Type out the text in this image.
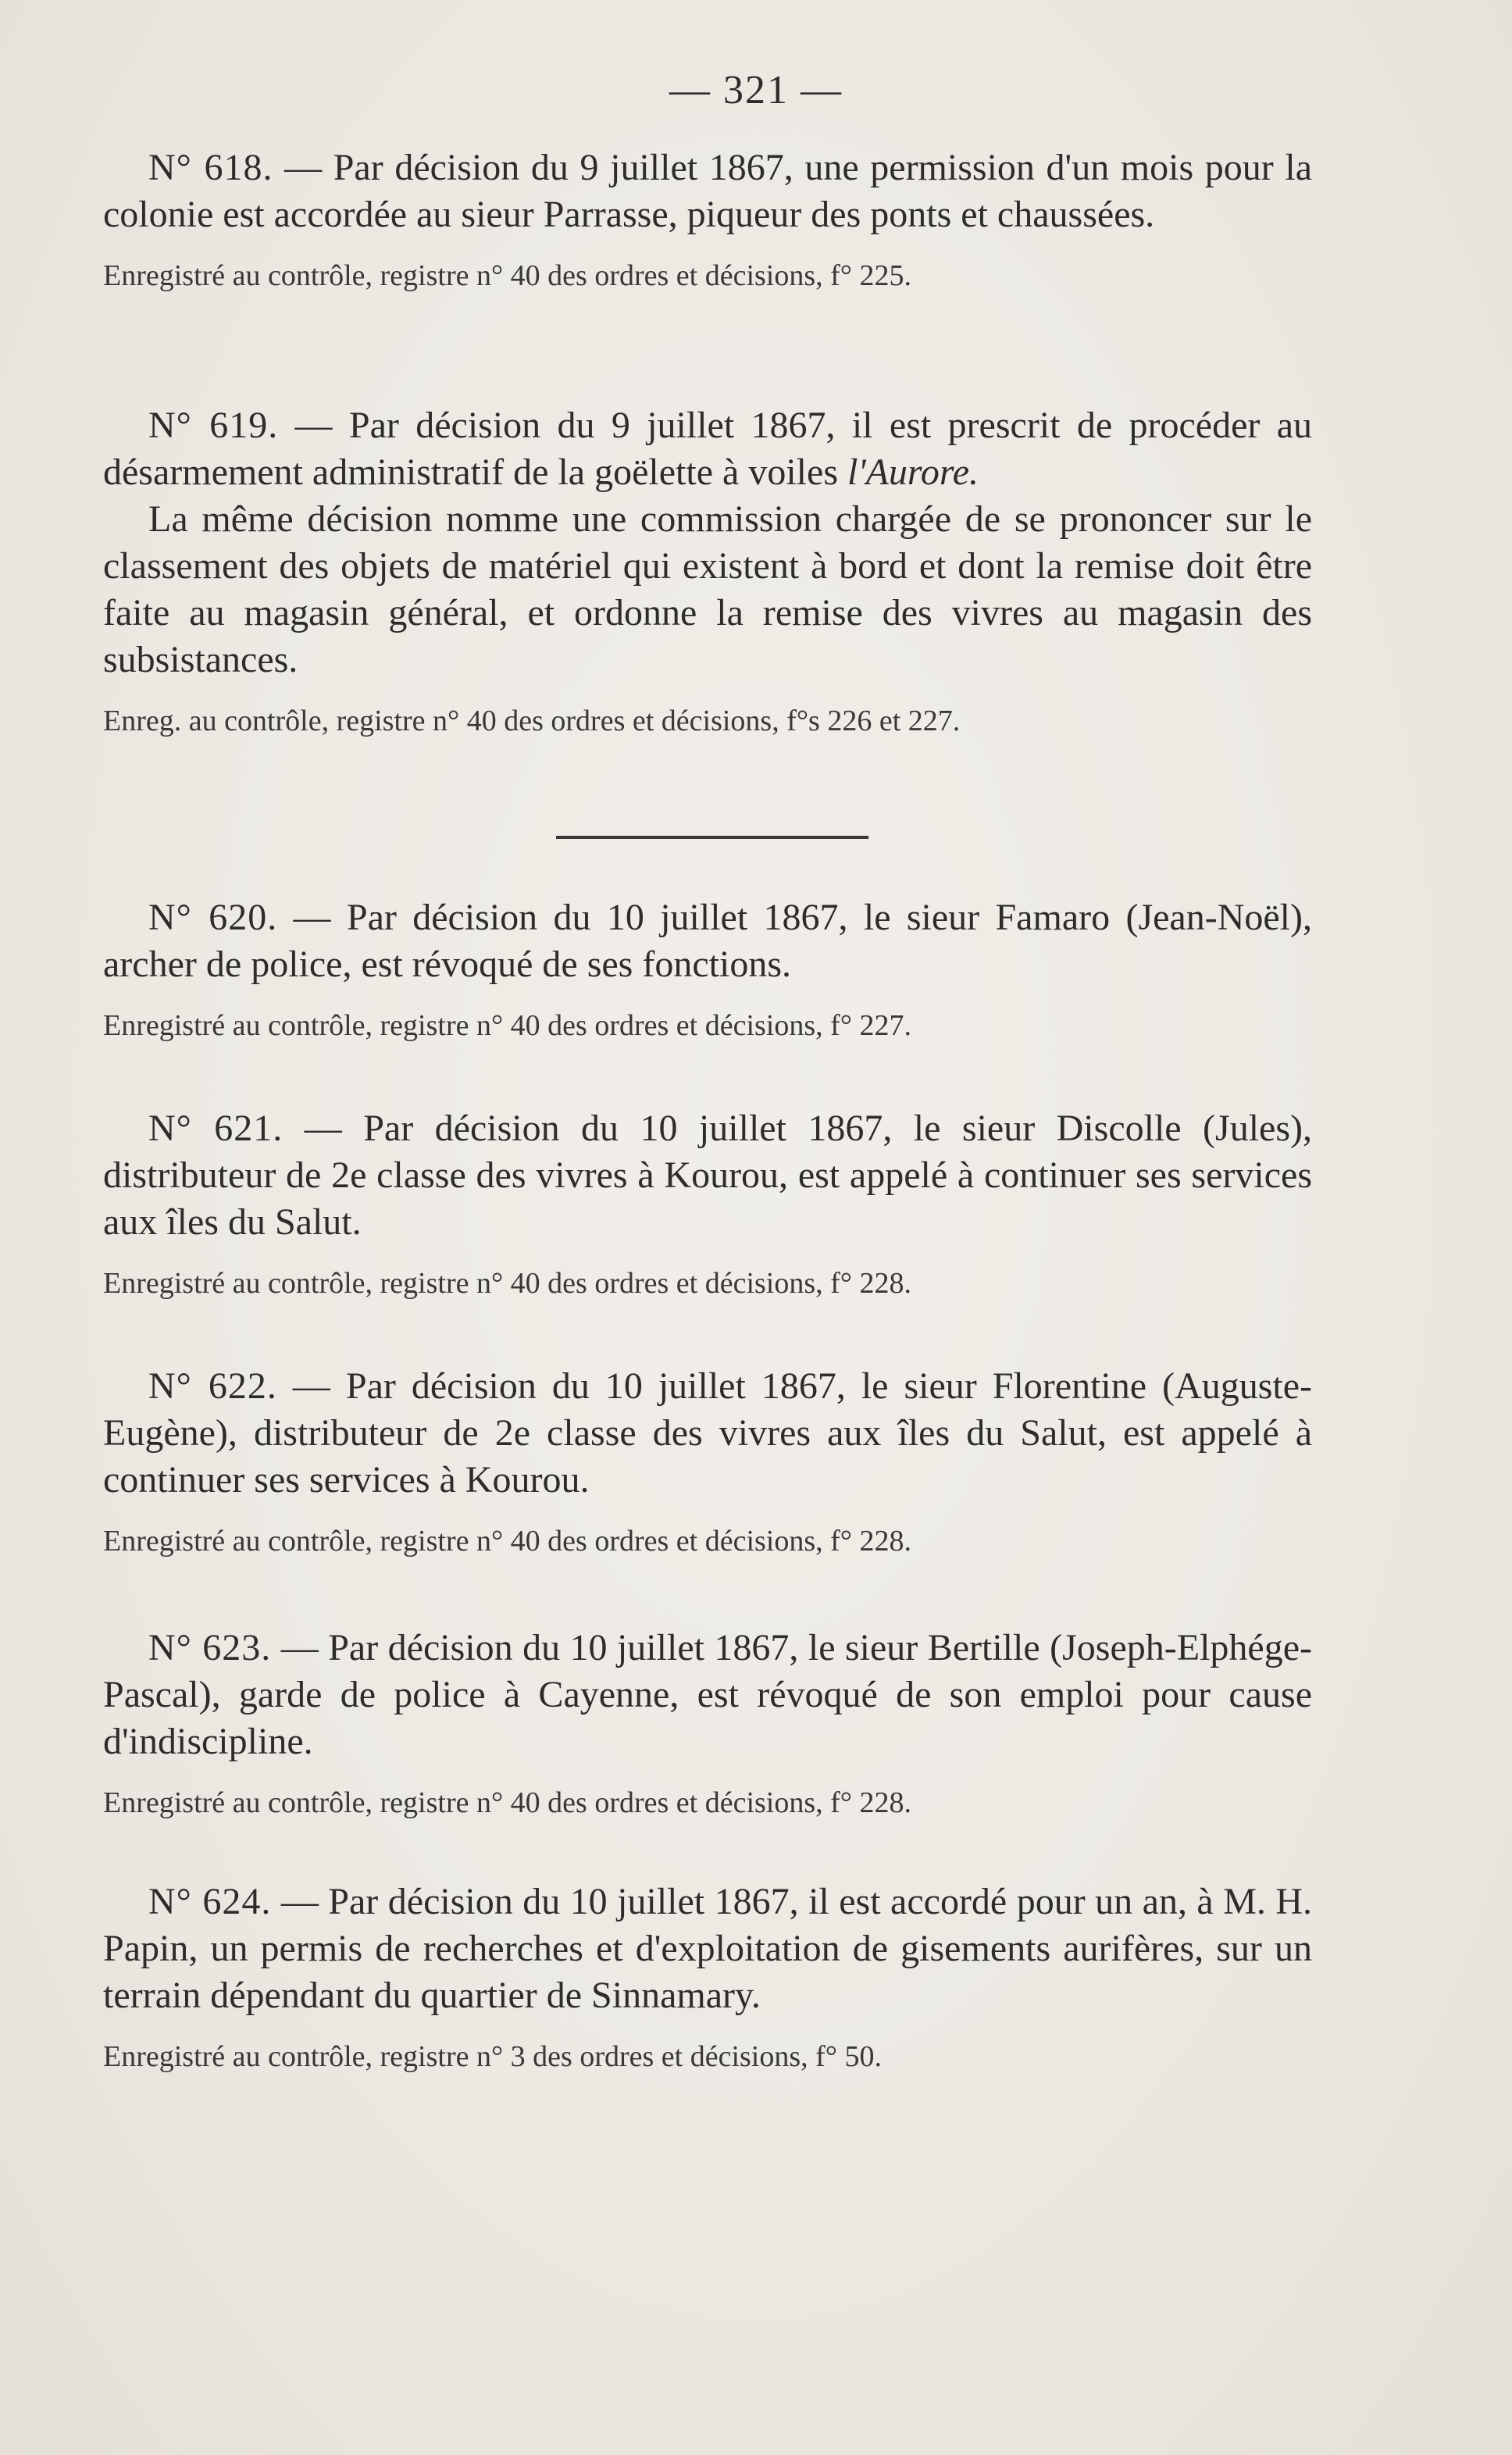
— 321 —

N° 618. — Par décision du 9 juillet 1867, une permission d'un mois pour la colonie est accordée au sieur Parrasse, piqueur des ponts et chaussées.

Enregistré au contrôle, registre n° 40 des ordres et décisions, f° 225.

N° 619. — Par décision du 9 juillet 1867, il est prescrit de procéder au désarmement administratif de la goëlette à voiles l'Aurore.

La même décision nomme une commission chargée de se prononcer sur le classement des objets de matériel qui existent à bord et dont la remise doit être faite au magasin général, et ordonne la remise des vivres au magasin des subsistances.

Enreg. au contrôle, registre n° 40 des ordres et décisions, f°s 226 et 227.

N° 620. — Par décision du 10 juillet 1867, le sieur Famaro (Jean-Noël), archer de police, est révoqué de ses fonctions.

Enregistré au contrôle, registre n° 40 des ordres et décisions, f° 227.

N° 621. — Par décision du 10 juillet 1867, le sieur Discolle (Jules), distributeur de 2e classe des vivres à Kourou, est appelé à continuer ses services aux îles du Salut.

Enregistré au contrôle, registre n° 40 des ordres et décisions, f° 228.

N° 622. — Par décision du 10 juillet 1867, le sieur Florentine (Auguste-Eugène), distributeur de 2e classe des vivres aux îles du Salut, est appelé à continuer ses services à Kourou.

Enregistré au contrôle, registre n° 40 des ordres et décisions, f° 228.

N° 623. — Par décision du 10 juillet 1867, le sieur Bertille (Joseph-Elphége-Pascal), garde de police à Cayenne, est révoqué de son emploi pour cause d'indiscipline.

Enregistré au contrôle, registre n° 40 des ordres et décisions, f° 228.

N° 624. — Par décision du 10 juillet 1867, il est accordé pour un an, à M. H. Papin, un permis de recherches et d'exploitation de gisements aurifères, sur un terrain dépendant du quartier de Sinnamary.

Enregistré au contrôle, registre n° 3 des ordres et décisions, f° 50.
